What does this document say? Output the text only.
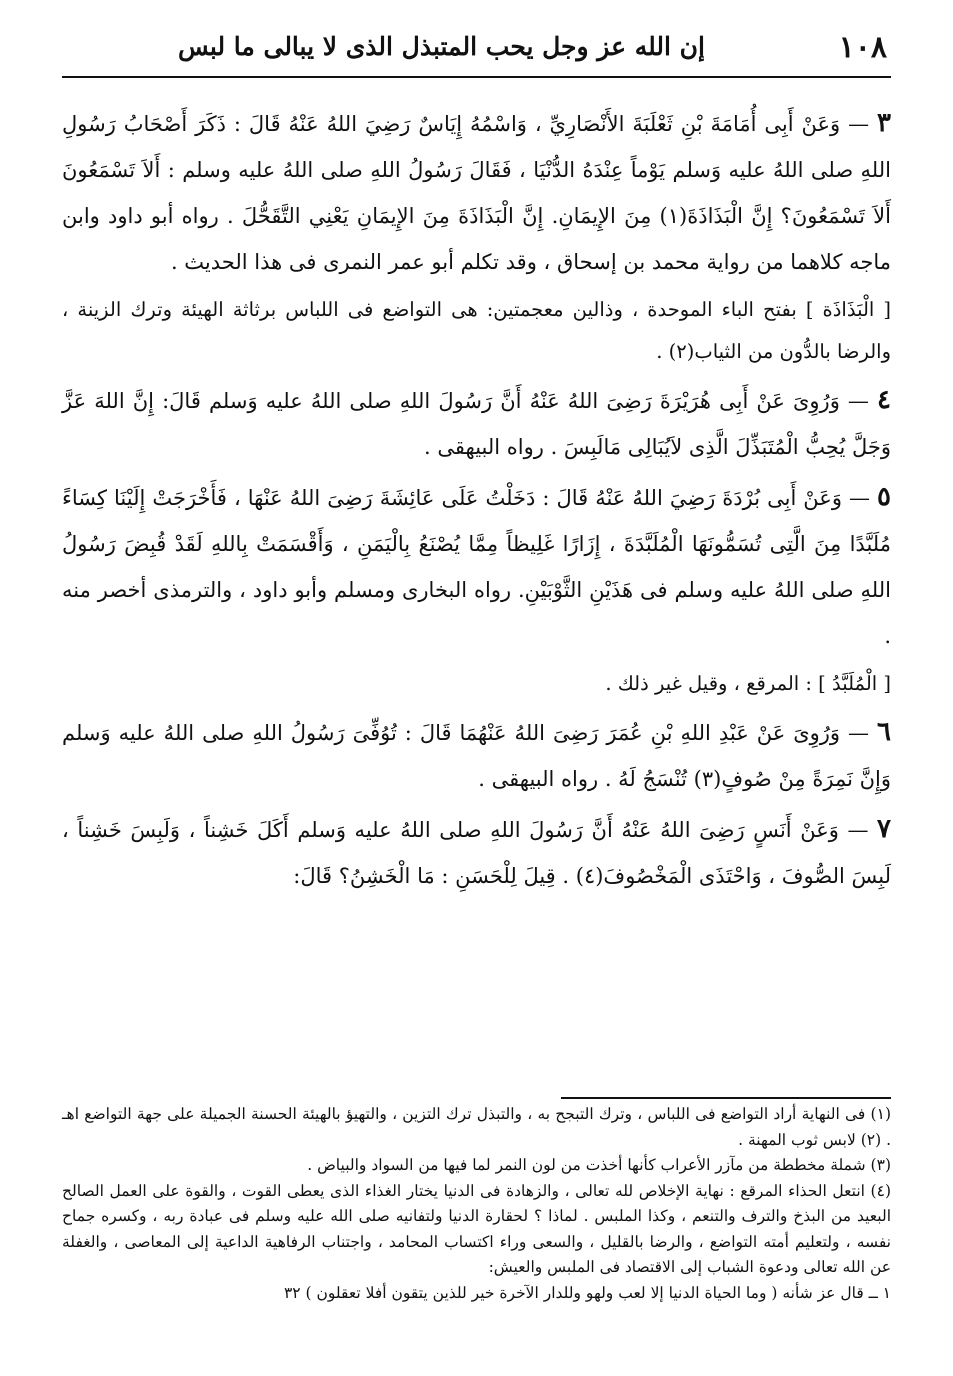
١٠٨
إن الله عز وجل يحب المتبذل الذى لا يبالى ما لبس

٣ — وَعَنْ أَبِى أُمَامَةَ بْنِ ثَعْلَبَةَ الأَنْصَارِيِّ ، وَاسْمُهُ إِيَاسٌ رَضِيَ اللهُ عَنْهُ قَالَ : ذَكَرَ أَصْحَابُ رَسُولِ اللهِ صلى اللهُ عليه وَسلم يَوْماً عِنْدَهُ الدُّنْيَا ، فَقَالَ رَسُولُ اللهِ صلى اللهُ عليه وسلم : أَلاَ تَسْمَعُونَ أَلاَ تَسْمَعُونَ؟ إِنَّ الْبَذَاذَةَ(١) مِنَ الإِيمَانِ. إِنَّ الْبَذَاذَةَ مِنَ الإِيمَانِ يَعْنِي التَّقَحُّلَ . رواه أبو داود وابن ماجه كلاهما من رواية محمد بن إسحاق ، وقد تكلم أبو عمر النمرى فى هذا الحديث .

[ الْبَذَاذَة ] بفتح الباء الموحدة ، وذالين معجمتين: هى التواضع فى اللباس برثاثة الهيئة وترك الزينة ، والرضا بالدُّون من الثياب(٢) .

٤ — وَرُوِىَ عَنْ أَبِى هُرَيْرَةَ رَضِىَ اللهُ عَنْهُ أَنَّ رَسُولَ اللهِ صلى اللهُ عليه وَسلم قَالَ: إِنَّ اللهَ عَزَّ وَجَلَّ يُحِبُّ الْمُتَبَذِّلَ الَّذِى لاَيُبَالِى مَالَبِسَ . رواه البيهقى .

٥ — وَعَنْ أَبِى بُرْدَةَ رَضِيَ اللهُ عَنْهُ قَالَ : دَخَلْتُ عَلَى عَائِشَةَ رَضِىَ اللهُ عَنْهَا ، فَأَخْرَجَتْ إِلَيْنَا كِسَاءً مُلَبَّدًا مِنَ الَّتِى تُسَمُّونَهَا الْمُلَبَّدَةَ ، إِزَارًا غَلِيظاً مِمَّا يُصْنَعُ بِالْيَمَنِ ، وَأَقْسَمَتْ بِاللهِ لَقَدْ قُبِضَ رَسُولُ اللهِ صلى اللهُ عليه وسلم فى هَذَيْنِ الثَّوْبَيْنِ. رواه البخارى ومسلم وأبو داود ، والترمذى أخصر منه .

[ الْمُلَبَّدُ ] : المرقع ، وقيل غير ذلك .

٦ — وَرُوِىَ عَنْ عَبْدِ اللهِ بْنِ عُمَرَ رَضِىَ اللهُ عَنْهُمَا قَالَ : تُوُفِّىَ رَسُولُ اللهِ صلى اللهُ عليه وَسلم وَإِنَّ نَمِرَةً مِنْ صُوفٍ(٣) تُنْسَجُ لَهُ . رواه البيهقى .

٧ — وَعَنْ أَنَسٍ رَضِىَ اللهُ عَنْهُ أَنَّ رَسُولَ اللهِ صلى اللهُ عليه وَسلم أَكَلَ خَشِناً ، وَلَبِسَ خَشِناً ، لَبِسَ الصُّوفَ ، وَاحْتَذَى الْمَخْصُوفَ(٤) . قِيلَ لِلْحَسَنِ : مَا الْخَشِنُ؟ قَالَ:

(١) فى النهاية أراد التواضع فى اللباس ، وترك التبجح به ، والتبذل ترك التزين ، والتهيؤ بالهيئة الحسنة الجميلة على جهة التواضع اهـ . (٢) لابس ثوب المهنة .

(٣) شملة مخططة من مآزر الأعراب كأنها أخذت من لون النمر لما فيها من السواد والبياض .

(٤) انتعل الحذاء المرقع : نهاية الإخلاص لله تعالى ، والزهادة فى الدنيا يختار الغذاء الذى يعطى القوت ، والقوة على العمل الصالح البعيد من البذخ والترف والتنعم ، وكذا الملبس . لماذا ؟ لحقارة الدنيا ولتفانيه صلى الله عليه وسلم فى عبادة ربه ، وكسره جماح نفسه ، ولتعليم أمته التواضع ، والرضا بالقليل ، والسعى وراء اكتساب المحامد ، واجتناب الرفاهية الداعية إلى المعاصى ، والغفلة عن الله تعالى ودعوة الشباب إلى الاقتصاد فى الملبس والعيش:

١ ــ قال عز شأنه ( وما الحياة الدنيا إلا لعب ولهو وللدار الآخرة خير للذين يتقون أفلا تعقلون ) ٣٢
